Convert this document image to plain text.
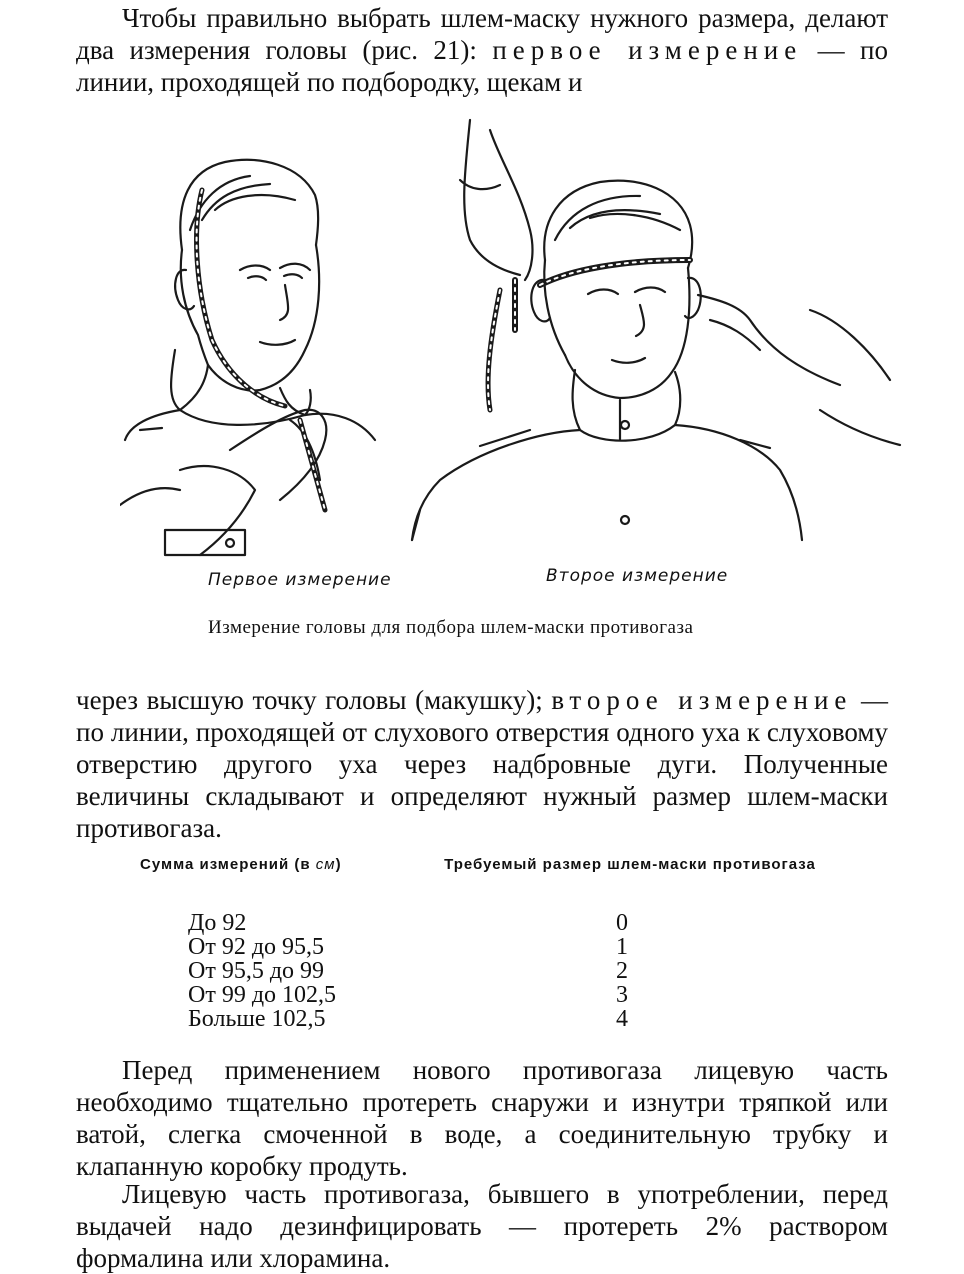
Чтобы правильно выбрать шлем-маску нужного размера, делают два измерения головы (рис. 21): первое измерение — по линии, проходящей по подбородку, щекам и

Первое измерение	Второе измерение
Измерение головы для подбора шлем-маски противогаза

через высшую точку головы (макушку); второе измерение — по линии, проходящей от слухового отверстия одного уха к слуховому отверстию другого уха через надбровные дуги. Полученные величины складывают и определяют нужный размер шлем-маски противогаза.

Сумма измерений (в см)	Требуемый размер шлем-маски противогаза
До 92	0
От 92 до 95,5	1
От 95,5 до 99	2
От 99 до 102,5	3
Больше 102,5	4

Перед применением нового противогаза лицевую часть необходимо тщательно протереть снаружи и изнутри тряпкой или ватой, слегка смоченной в воде, а соединительную трубку и клапанную коробку продуть.

Лицевую часть противогаза, бывшего в употреблении, перед выдачей надо дезинфицировать — протереть 2% раствором формалина или хлорамина.
